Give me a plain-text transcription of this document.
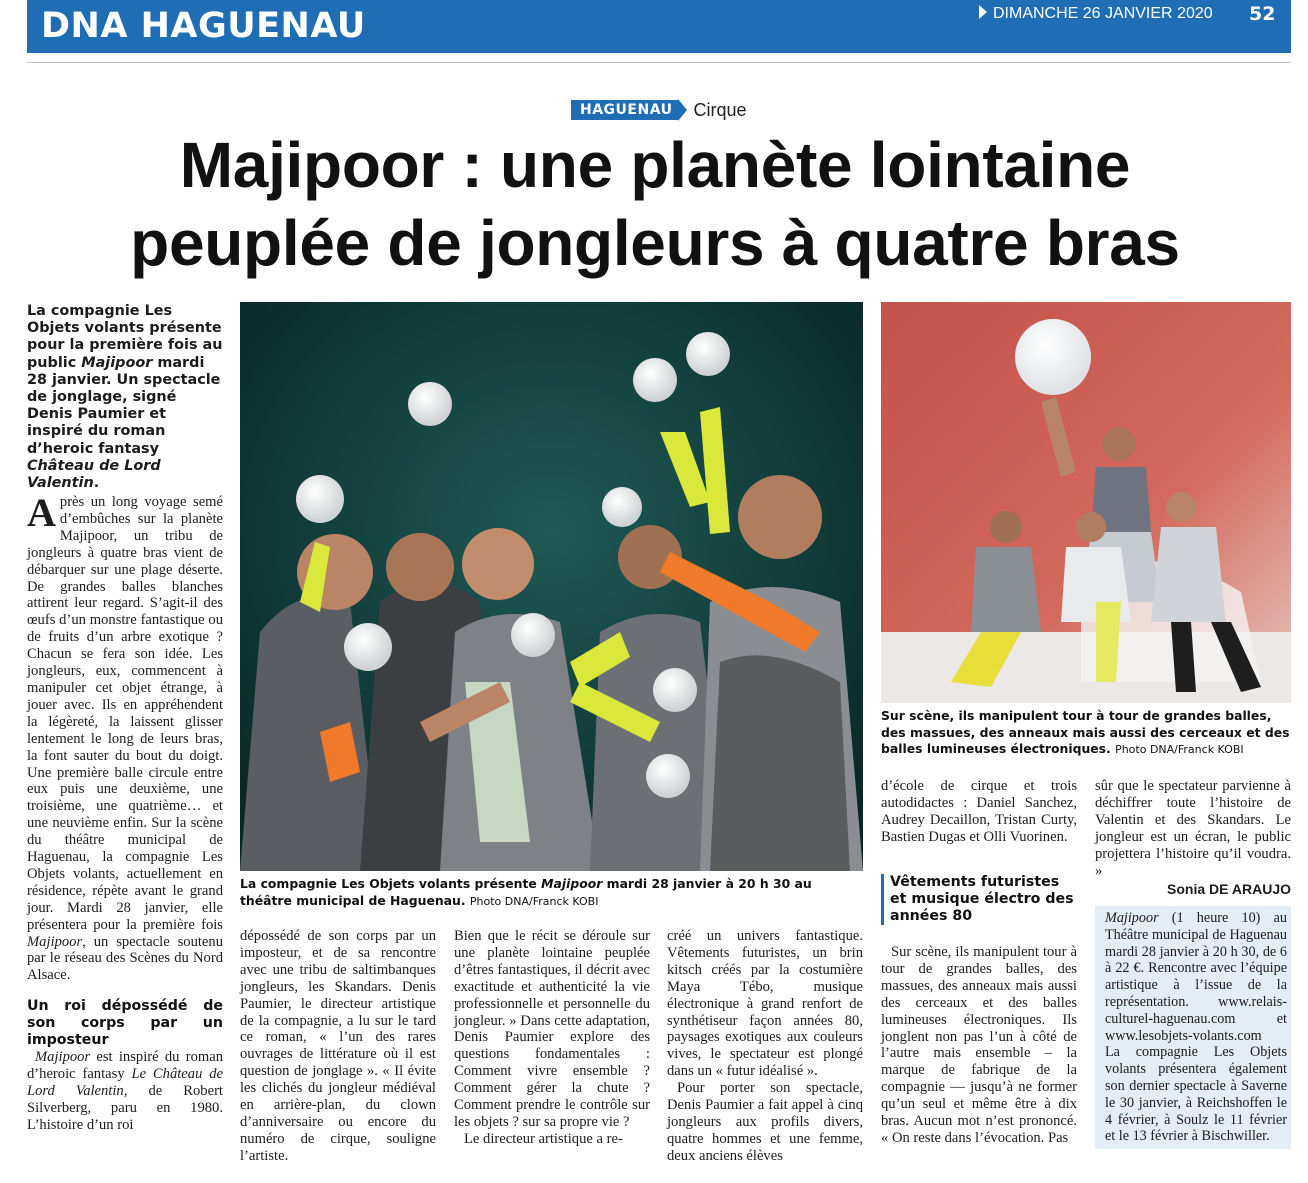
DNA HAGUENAU	DIMANCHE 26 JANVIER 2020 52
HAGUENAU	Cirque
Majipoor : une planète lointaine
peuplée de jongleurs à quatre bras
La compagnie Les Objets volants présente pour la première fois au public Majipoor mardi 28 janvier. Un spectacle de jonglage, signé Denis Paumier et inspiré du roman d’heroic fantasy Château de Lord Valentin.

Après un long voyage semé d’embûches sur la planète Majipoor, un tribu de jongleurs à quatre bras vient de débarquer sur une plage déserte. De grandes balles blanches attirent leur regard. S’agit-il des œufs d’un monstre fantastique ou de fruits d’un arbre exotique ? Chacun se fera son idée. Les jongleurs, eux, commencent à manipuler cet objet étrange, à jouer avec. Ils en appréhendent la légèreté, la laissent glisser lentement le long de leurs bras, la font sauter du bout du doigt. Une première balle circule entre eux puis une deuxième, une troisième, une quatrième… et une neuvième enfin. Sur la scène du théâtre municipal de Haguenau, la compagnie Les Objets volants, actuellement en résidence, répète avant le grand jour. Mardi 28 janvier, elle présentera pour la première fois Majipoor, un spectacle soutenu par le réseau des Scènes du Nord Alsace.

Un roi dépossédé de son corps par un imposteur

Majipoor est inspiré du roman d’heroic fantasy Le Château de Lord Valentin, de Robert Silverberg, paru en 1980. L’histoire d’un roi

La compagnie Les Objets volants présente Majipoor mardi 28 janvier à 20 h 30 au théâtre municipal de Haguenau. Photo DNA/Franck KOBI
Sur scène, ils manipulent tour à tour de grandes balles, des massues, des anneaux mais aussi des cerceaux et des balles lumineuses électroniques. Photo DNA/Franck KOBI

dépossédé de son corps par un imposteur, et de sa rencontre avec une tribu de saltimbanques jongleurs, les Skandars. Denis Paumier, le directeur artistique de la compagnie, a lu sur le tard ce roman, « l’un des rares ouvrages de littérature où il est question de jonglage ». « Il évite les clichés du jongleur médiéval en arrière-plan, du clown d’anniversaire ou encore du numéro de cirque, souligne l’artiste.

Bien que le récit se déroule sur une planète lointaine peuplée d’êtres fantastiques, il décrit avec exactitude et authenticité la vie professionnelle et personnelle du jongleur. » Dans cette adaptation, Denis Paumier explore des questions fondamentales : Comment vivre ensemble ? Comment gérer la chute ? Comment prendre le contrôle sur les objets ? sur sa propre vie ?

Le directeur artistique a re-

créé un univers fantastique. Vêtements futuristes, un brin kitsch créés par la costumière Maya Tébo, musique électronique à grand renfort de synthétiseur façon années 80, paysages exotiques aux couleurs vives, le spectateur est plongé dans un « futur idéalisé ».

Pour porter son spectacle, Denis Paumier a fait appel à cinq jongleurs aux profils divers, quatre hommes et une femme, deux anciens élèves

d’école de cirque et trois autodidactes : Daniel Sanchez, Audrey Decaillon, Tristan Curty, Bastien Dugas et Olli Vuorinen.

Vêtements futuristes et musique électro des années 80

Sur scène, ils manipulent tour à tour de grandes balles, des massues, des anneaux mais aussi des cerceaux et des balles lumineuses électroniques. Ils jonglent non pas l’un à côté de l’autre mais ensemble – la marque de fabrique de la compagnie — jusqu’à ne former qu’un seul et même être à dix bras. Aucun mot n’est prononcé. « On reste dans l’évocation. Pas

sûr que le spectateur parvienne à déchiffrer toute l’histoire de Valentin et des Skandars. Le jongleur est un écran, le public projettera l’histoire qu’il voudra. »

Sonia DE ARAUJO

Majipoor (1 heure 10) au Théâtre municipal de Haguenau mardi 28 janvier à 20 h 30, de 6 à 22 €. Rencontre avec l’équipe artistique à l’issue de la représentation. www.relais-culturel-haguenau.com et www.lesobjets-volants.com

La compagnie Les Objets volants présentera également son dernier spectacle à Saverne le 30 janvier, à Reichshoffen le 4 février, à Soulz le 11 février et le 13 février à Bischwiller.
